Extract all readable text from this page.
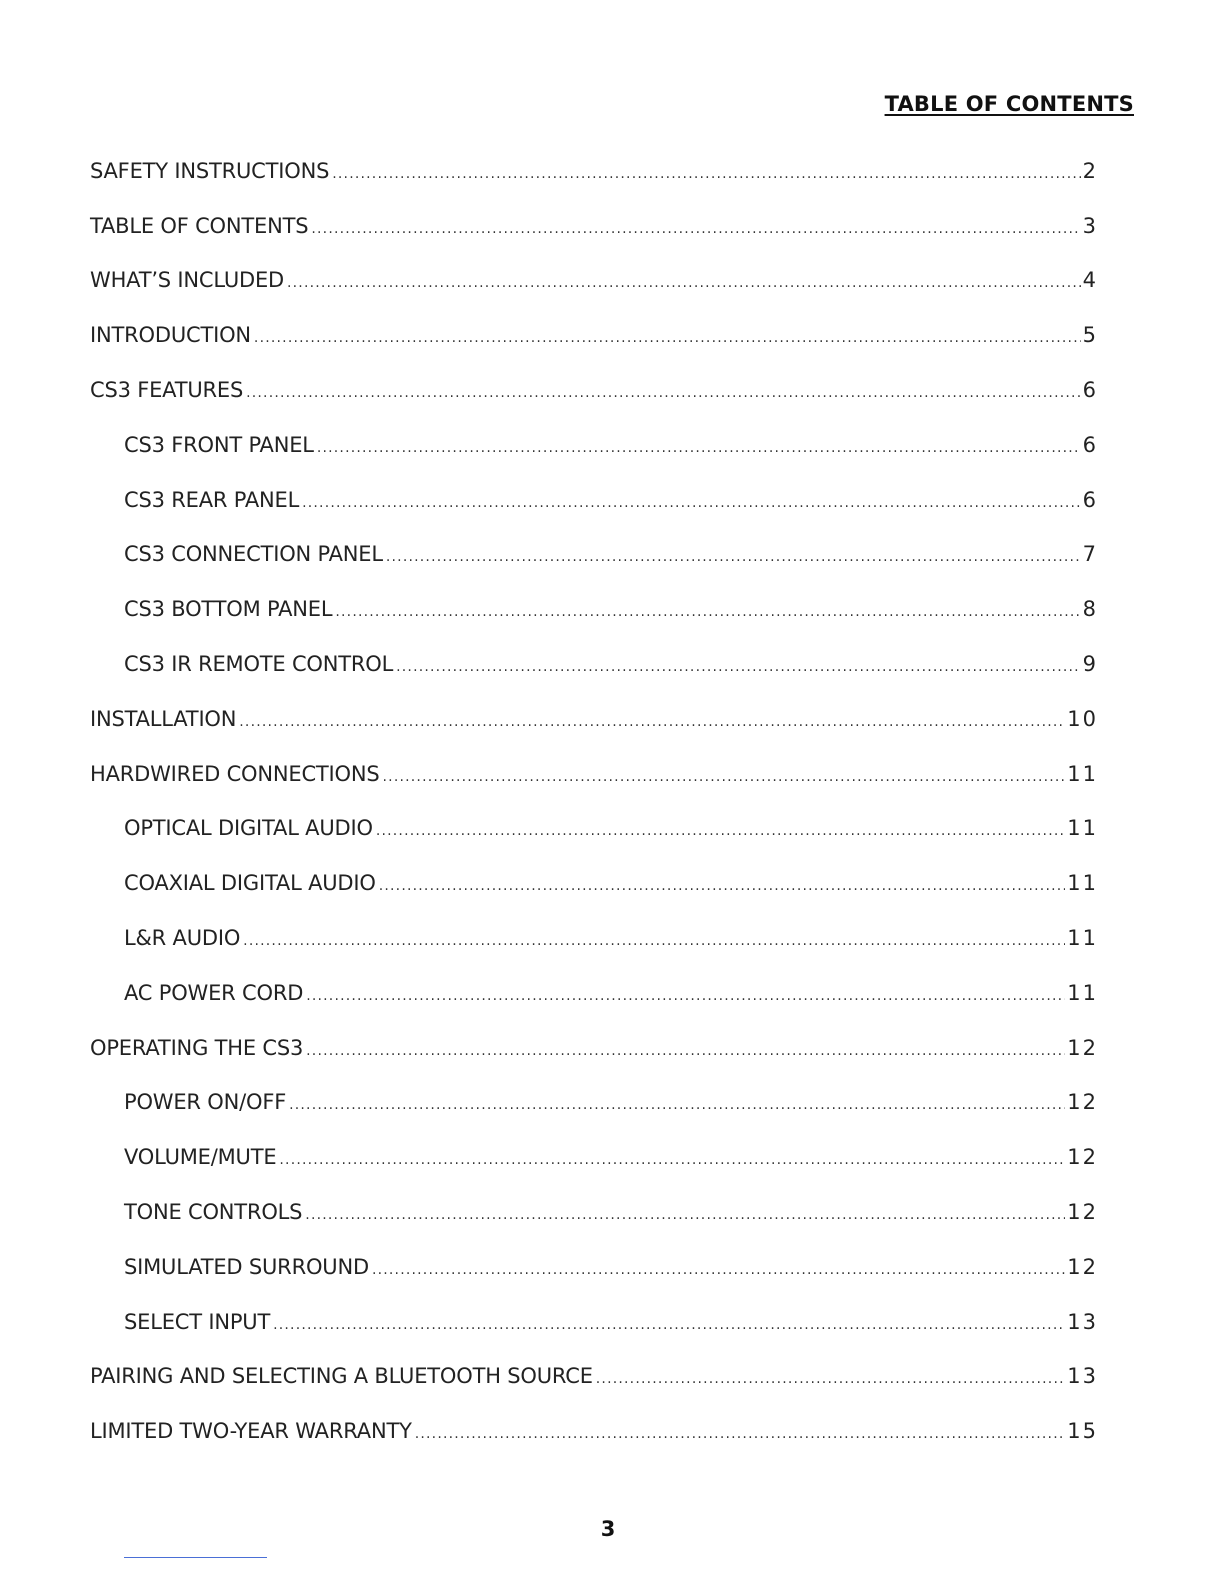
TABLE OF CONTENTS
SAFETY INSTRUCTIONS .....	2
TABLE OF CONTENTS .....	3
WHAT’S INCLUDED .....	4
INTRODUCTION .....	5
CS3 FEATURES .....	6
CS3 FRONT PANEL .....	6
CS3 REAR PANEL .....	6
CS3 CONNECTION PANEL .....	7
CS3 BOTTOM PANEL .....	8
CS3 IR REMOTE CONTROL .....	9
INSTALLATION .....	10
HARDWIRED CONNECTIONS .....	11
OPTICAL DIGITAL AUDIO .....	11
COAXIAL DIGITAL AUDIO .....	11
L&R AUDIO .....	11
AC POWER CORD .....	11
OPERATING THE CS3 .....	12
POWER ON/OFF .....	12
VOLUME/MUTE .....	12
TONE CONTROLS .....	12
SIMULATED SURROUND .....	12
SELECT INPUT .....	13
PAIRING AND SELECTING A BLUETOOTH SOURCE .....	13
LIMITED TWO-YEAR WARRANTY .....	15
3
